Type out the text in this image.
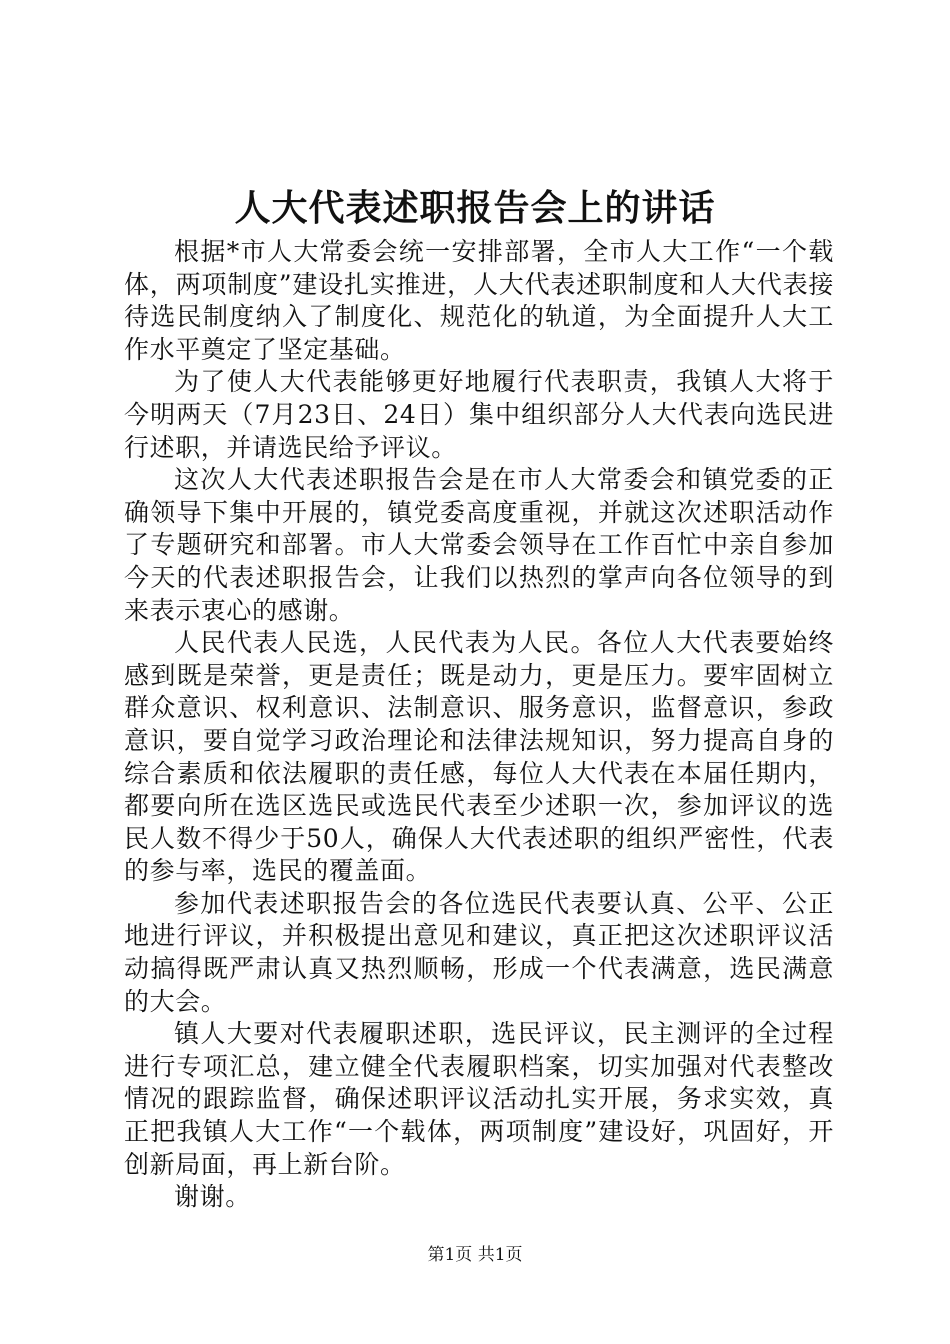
人大代表述职报告会上的讲话

根据*市人大常委会统一安排部署，全市人大工作“一个载体，两项制度”建设扎实推进，人大代表述职制度和人大代表接待选民制度纳入了制度化、规范化的轨道，为全面提升人大工作水平奠定了坚定基础。

为了使人大代表能够更好地履行代表职责，我镇人大将于今明两天（7月23日、24日）集中组织部分人大代表向选民进行述职，并请选民给予评议。

这次人大代表述职报告会是在市人大常委会和镇党委的正确领导下集中开展的，镇党委高度重视，并就这次述职活动作了专题研究和部署。市人大常委会领导在工作百忙中亲自参加今天的代表述职报告会，让我们以热烈的掌声向各位领导的到来表示衷心的感谢。

人民代表人民选，人民代表为人民。各位人大代表要始终感到既是荣誉，更是责任；既是动力，更是压力。要牢固树立群众意识、权利意识、法制意识、服务意识，监督意识，参政意识，要自觉学习政治理论和法律法规知识，努力提高自身的综合素质和依法履职的责任感，每位人大代表在本届任期内，都要向所在选区选民或选民代表至少述职一次，参加评议的选民人数不得少于50人，确保人大代表述职的组织严密性，代表的参与率，选民的覆盖面。

参加代表述职报告会的各位选民代表要认真、公平、公正地进行评议，并积极提出意见和建议，真正把这次述职评议活动搞得既严肃认真又热烈顺畅，形成一个代表满意，选民满意的大会。

镇人大要对代表履职述职，选民评议，民主测评的全过程进行专项汇总，建立健全代表履职档案，切实加强对代表整改情况的跟踪监督，确保述职评议活动扎实开展，务求实效，真正把我镇人大工作“一个载体，两项制度”建设好，巩固好，开创新局面，再上新台阶。

谢谢。

第1页 共1页
